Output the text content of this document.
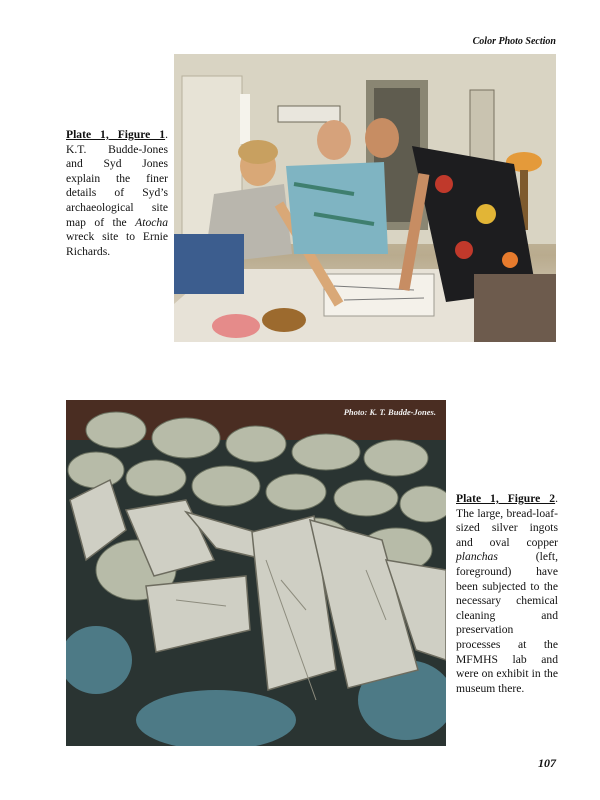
Color Photo Section
Plate 1, Figure 1. K.T. Budde-Jones and Syd Jones explain the finer details of Syd’s archaeological site map of the Atocha wreck site to Ernie Richards.
Photo: K. T. Budde-Jones.
Plate 1, Figure 2. The large, bread-loaf-sized silver ingots and oval copper planchas (left, foreground) have been subjected to the necessary chemical cleaning and preservation processes at the MFMHS lab and were on exhibit in the museum there.
107
